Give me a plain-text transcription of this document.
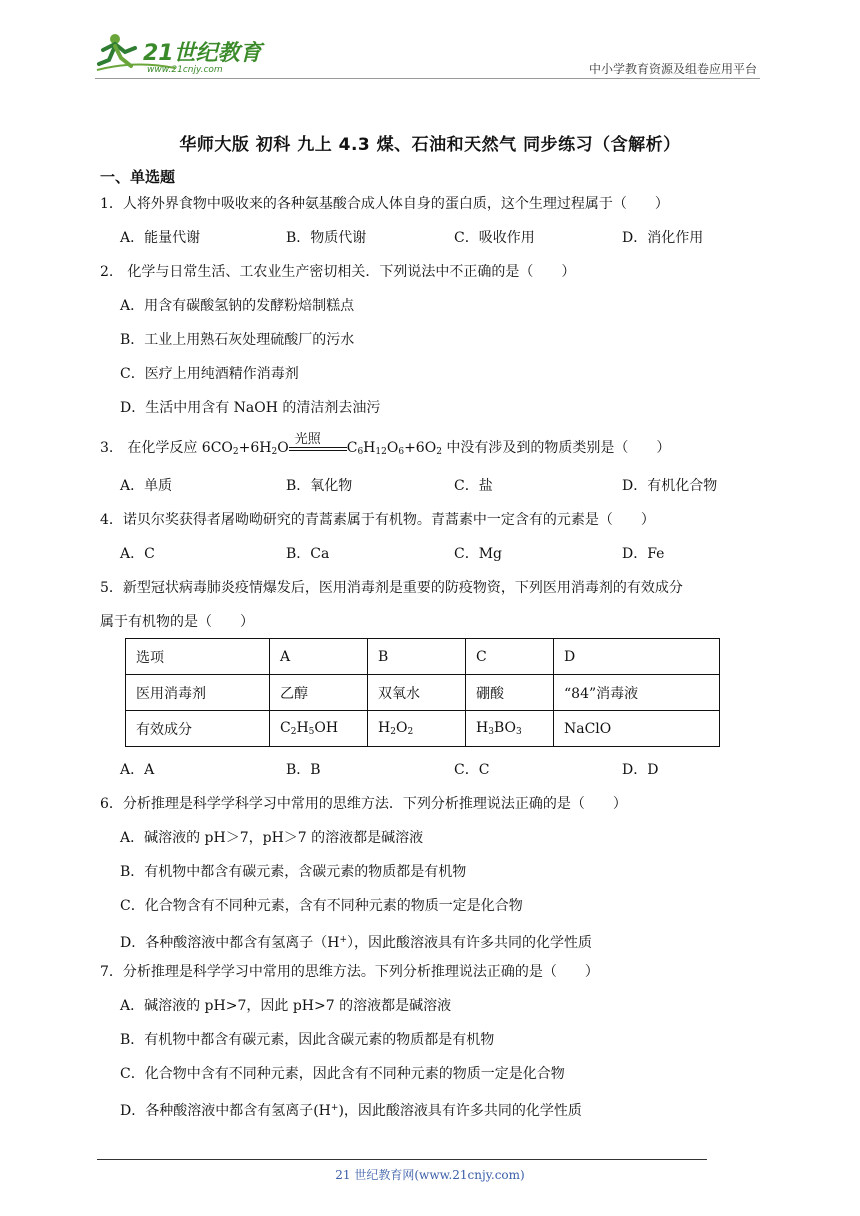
21世纪教育
www.21cnjy.com	中小学教育资源及组卷应用平台
华师大版 初科 九上 4.3 煤、石油和天然气 同步练习（含解析）
一、单选题
1．人将外界食物中吸收来的各种氨基酸合成人体自身的蛋白质，这个生理过程属于（　　）
A．能量代谢	B．物质代谢	C．吸收作用	D．消化作用
2.　化学与日常生活、工农业生产密切相关．下列说法中不正确的是（　　）
A．用含有碳酸氢钠的发酵粉焙制糕点
B．工业上用熟石灰处理硫酸厂的污水
C．医疗上用纯酒精作消毒剂
D．生活中用含有 NaOH 的清洁剂去油污
3.　在化学反应 $6CO_2+6H_2O$
光照
$C_6H_{12}O_6+6O_2$ 中没有涉及到的物质类别是（　　）
A．单质	B．氧化物	C．盐	D．有机化合物
4．诺贝尔奖获得者屠呦呦研究的青蒿素属于有机物。青蒿素中一定含有的元素是（　　）
A．C	B．Ca	C．Mg	D．Fe
5．新型冠状病毒肺炎疫情爆发后，医用消毒剂是重要的防疫物资，下列医用消毒剂的有效成分
属于有机物的是（　　）
选项	A	B	C	D
医用消毒剂	乙醇	双氧水	硼酸	“84”消毒液
有效成分	$C_2H_5OH$	$H_2O_2$	$H_3BO_3$	NaClO
A．A	B．B	C．C	D．D
6．分析推理是科学学科学习中常用的思维方法．下列分析推理说法正确的是（　　）
A．碱溶液的 pH＞7，pH＞7 的溶液都是碱溶液
B．有机物中都含有碳元素，含碳元素的物质都是有机物
C．化合物含有不同种元素，含有不同种元素的物质一定是化合物
D．各种酸溶液中都含有氢离子（H+），因此酸溶液具有许多共同的化学性质
7．分析推理是科学学习中常用的思维方法。下列分析推理说法正确的是（　　）
A．碱溶液的 pH>7，因此 pH>7 的溶液都是碱溶液
B．有机物中都含有碳元素，因此含碳元素的物质都是有机物
C．化合物中含有不同种元素，因此含有不同种元素的物质一定是化合物
D．各种酸溶液中都含有氢离子(H+)，因此酸溶液具有许多共同的化学性质
21 世纪教育网(www.21cnjy.com)
